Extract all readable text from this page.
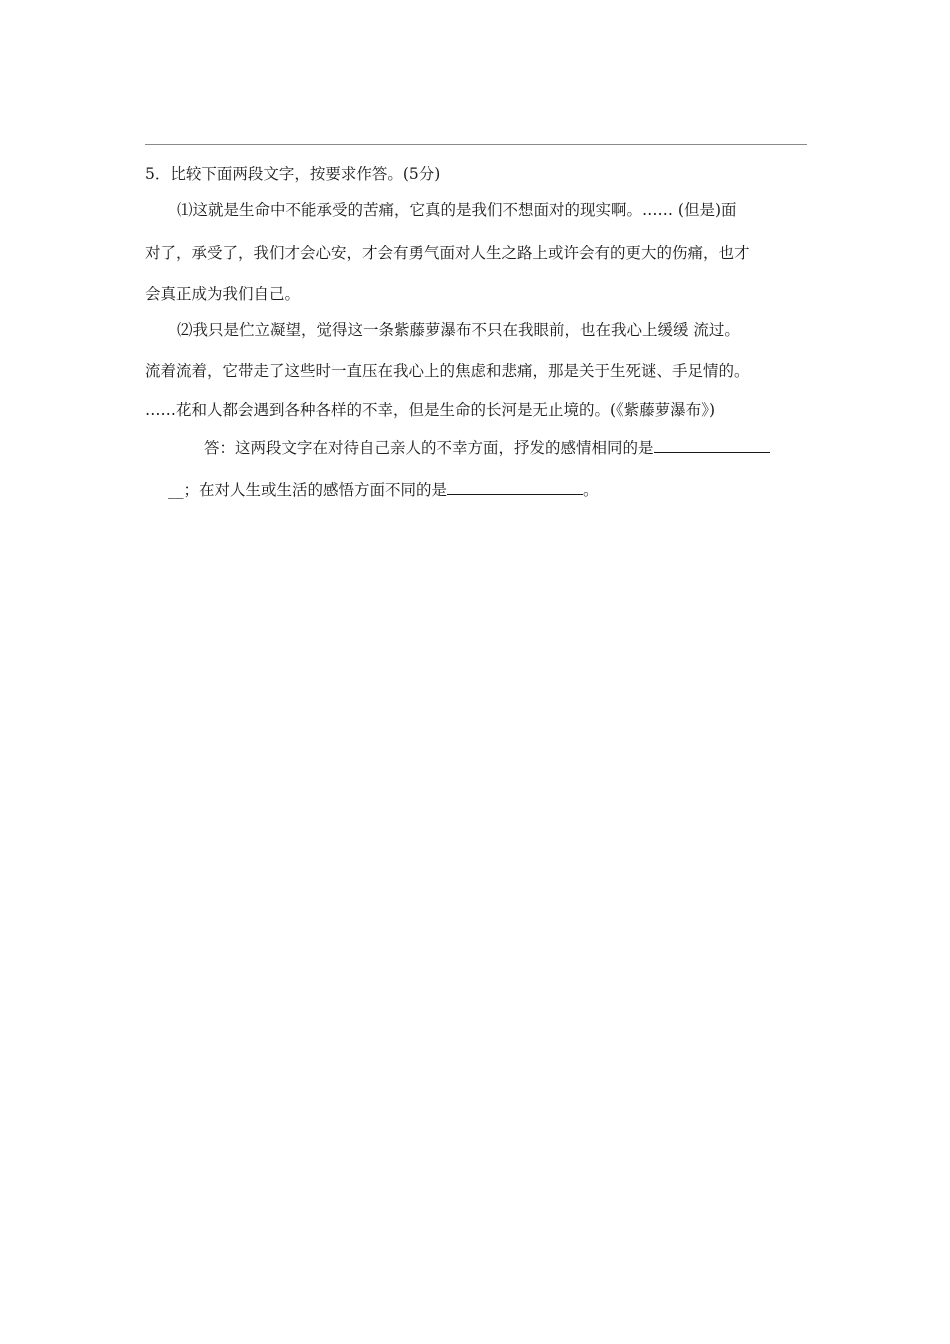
5．比较下面两段文字，按要求作答。(5分)
⑴这就是生命中不能承受的苦痛，它真的是我们不想面对的现实啊。…… (但是)面
对了，承受了，我们才会心安，才会有勇气面对人生之路上或许会有的更大的伤痛，也才
会真正成为我们自己。
⑵我只是伫立凝望，觉得这一条紫藤萝瀑布不只在我眼前，也在我心上缓缓 流过。
流着流着，它带走了这些时一直压在我心上的焦虑和悲痛，那是关于生死谜、手足情的。
……花和人都会遇到各种各样的不幸，但是生命的长河是无止境的。(《紫藤萝瀑布》)
答：这两段文字在对待自己亲人的不幸方面，抒发的感情相同的是
__；在对人生或生活的感悟方面不同的是	。
